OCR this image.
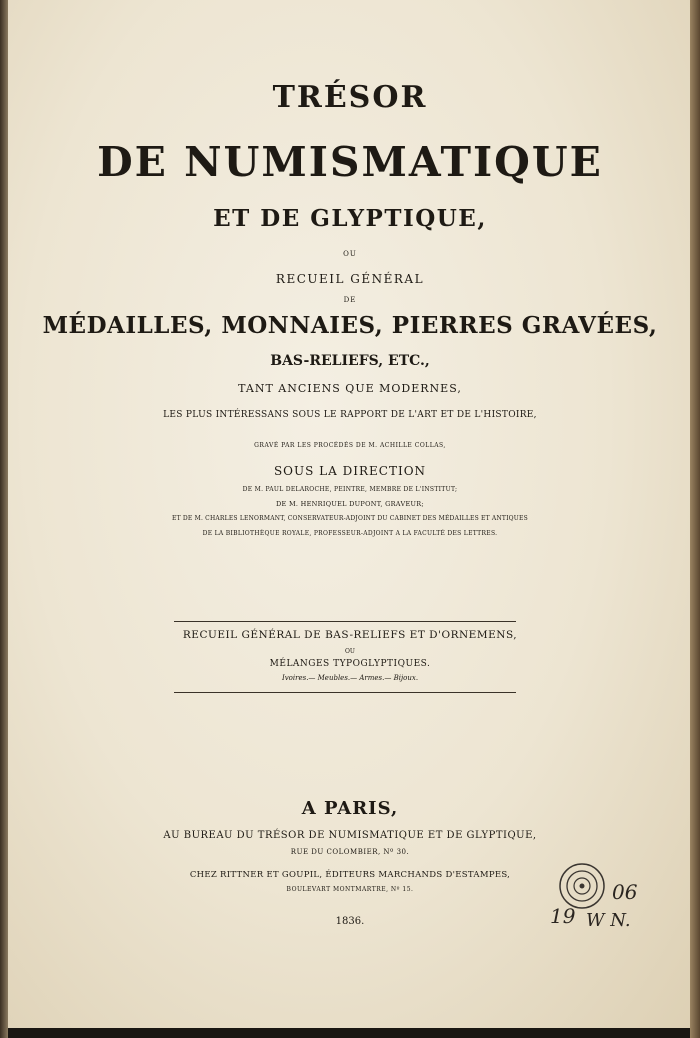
TRÉSOR
DE NUMISMATIQUE
ET DE GLYPTIQUE,
OU
RECUEIL GÉNÉRAL
DE
MÉDAILLES, MONNAIES, PIERRES GRAVÉES,
BAS-RELIEFS, ETC.,
TANT ANCIENS QUE MODERNES,
LES PLUS INTÉRESSANS SOUS LE RAPPORT DE L'ART ET DE L'HISTOIRE,
GRAVÉ PAR LES PROCÉDÉS DE M. ACHILLE COLLAS,
SOUS LA DIRECTION
DE M. PAUL DELAROCHE, PEINTRE, MEMBRE DE L'INSTITUT;
DE M. HENRIQUEL DUPONT, GRAVEUR;
ET DE M. CHARLES LENORMANT, CONSERVATEUR-ADJOINT DU CABINET DES MÉDAILLES ET ANTIQUES
DE LA BIBLIOTHÈQUE ROYALE, PROFESSEUR-ADJOINT A LA FACULTÉ DES LETTRES.
RECUEIL GÉNÉRAL DE BAS-RELIEFS ET D'ORNEMENS,
OU
MÉLANGES TYPOGLYPTIQUES.
Ivoires.— Meubles.— Armes.— Bijoux.
A PARIS,
AU BUREAU DU TRÉSOR DE NUMISMATIQUE ET DE GLYPTIQUE,
RUE DU COLOMBIER, Nº 30.
CHEZ RITTNER ET GOUPIL, ÉDITEURS MARCHANDS D'ESTAMPES,
BOULEVART MONTMARTRE, Nº 15.
1836.	19
06
W N.
